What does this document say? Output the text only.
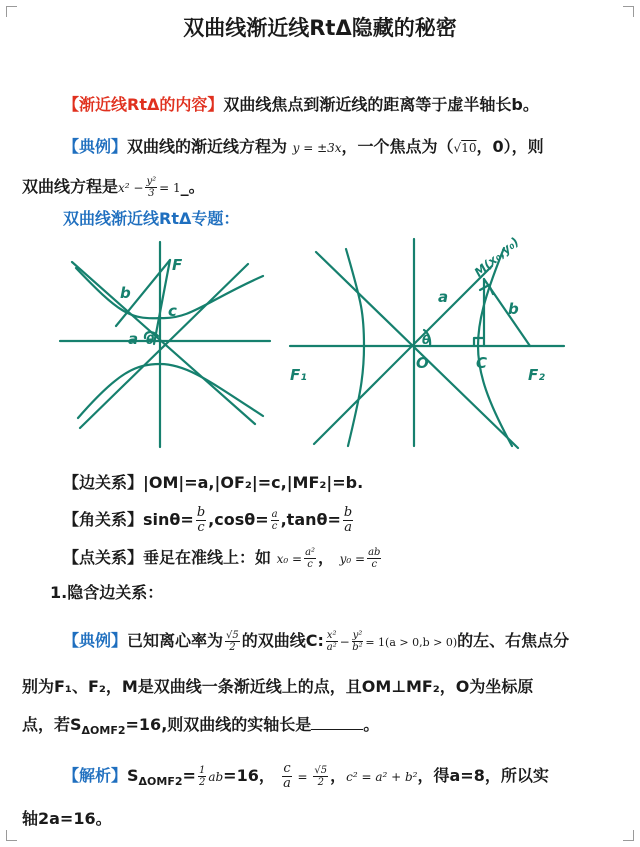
双曲线渐近线RtΔ隐藏的秘密
【渐近线RtΔ的内容】双曲线焦点到渐近线的距离等于虚半轴长b。
【典例】双曲线的渐近线方程为 y = ±3x，一个焦点为（√10，0），则
双曲线方程是$x^2 - \frac{\text{y²}}{3}$ = 1_。
双曲线渐近线RtΔ专题：
F
b
c
a θ
M(x₀,y₀)
a
b
θ
O	C
F₁	F₂
【边关系】|OM|=a,|OF₂|=c,|MF₂|=b.
【角关系】$\sin\theta= \frac{b}{c} ,\cos\theta= \frac{a}{c} ,\tan\theta= \frac{b}{a}$
【点关系】垂足在准线上：如 $x_0 = \frac{\text{a²}}{c}$ ， $y_0 = \frac{ab}{c}$
1.隐含边关系：
【典例】已知离心率为 $\frac{√5}{2}$ 的双曲线C: $\frac{\text{x²}}{\text{a²}} - \frac{\text{y²}}{\text{b²}} = 1(a > 0,b > 0)$的左、右焦点分
别为F₁、F₂，M是双曲线一条渐近线上的点，且OM⊥MF₂，O为坐标原
点，若$S_{\Delta OMF2}=16$,则双曲线的实轴长是	。
【解析】$S_{\Delta OMF2}= \frac{1}{2} ab=16$， $\frac{c}{a} = \frac{√5}{2}$ ，c² = a² + b²，得a=8，所以实
轴2a=16。
